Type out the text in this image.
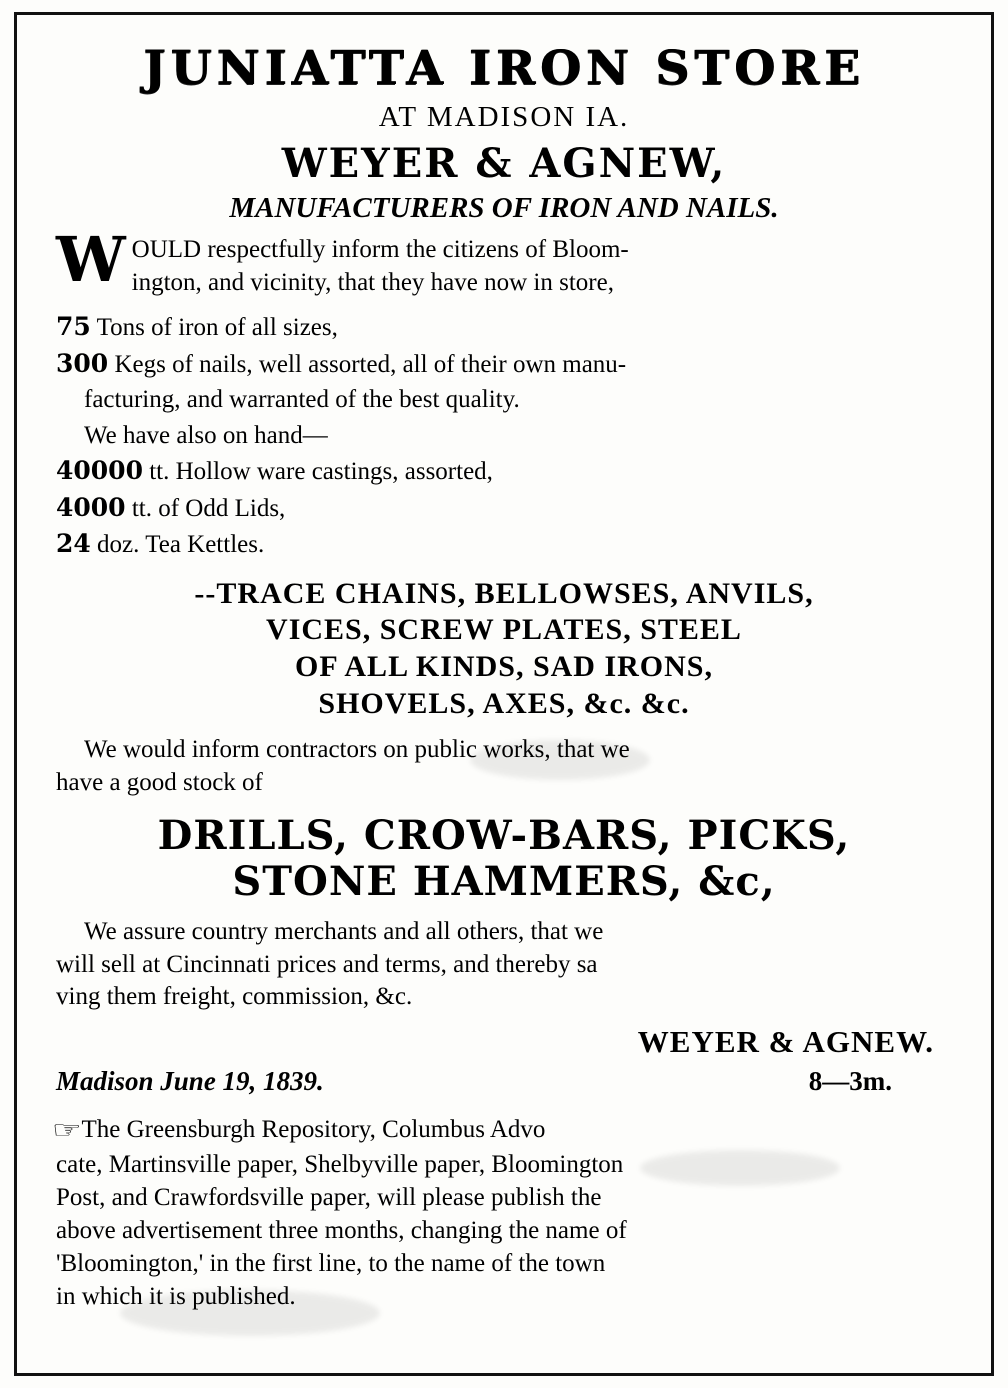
JUNIATTA IRON STORE
AT MADISON IA.
WEYER & AGNEW,
MANUFACTURERS OF IRON AND NAILS.
W OULD respectfully inform the citizens of Bloom-
ington, and vicinity, that they have now in store,
75 Tons of iron of all sizes,
300 Kegs of nails, well assorted, all of their own manu-
facturing, and warranted of the best quality.
We have also on hand—
40000 tt. Hollow ware castings, assorted,
4000 tt. of Odd Lids,
24 doz. Tea Kettles.
--TRACE CHAINS, BELLOWSES, ANVILS,
VICES, SCREW PLATES, STEEL
OF ALL KINDS, SAD IRONS,
SHOVELS, AXES, &c. &c.
We would inform contractors on public works, that we
have a good stock of
DRILLS, CROW-BARS, PICKS,
STONE HAMMERS, &c,
We assure country merchants and all others, that we
will sell at Cincinnati prices and terms, and thereby sa
ving them freight, commission, &c.
WEYER & AGNEW.
Madison June 19, 1839.	8—3m.

☞The Greensburgh Repository, Columbus Advo

cate, Martinsville paper, Shelbyville paper, Bloomington

Post, and Crawfordsville paper, will please publish the

above advertisement three months, changing the name of

'Bloomington,' in the first line, to the name of the town

in which it is published.
